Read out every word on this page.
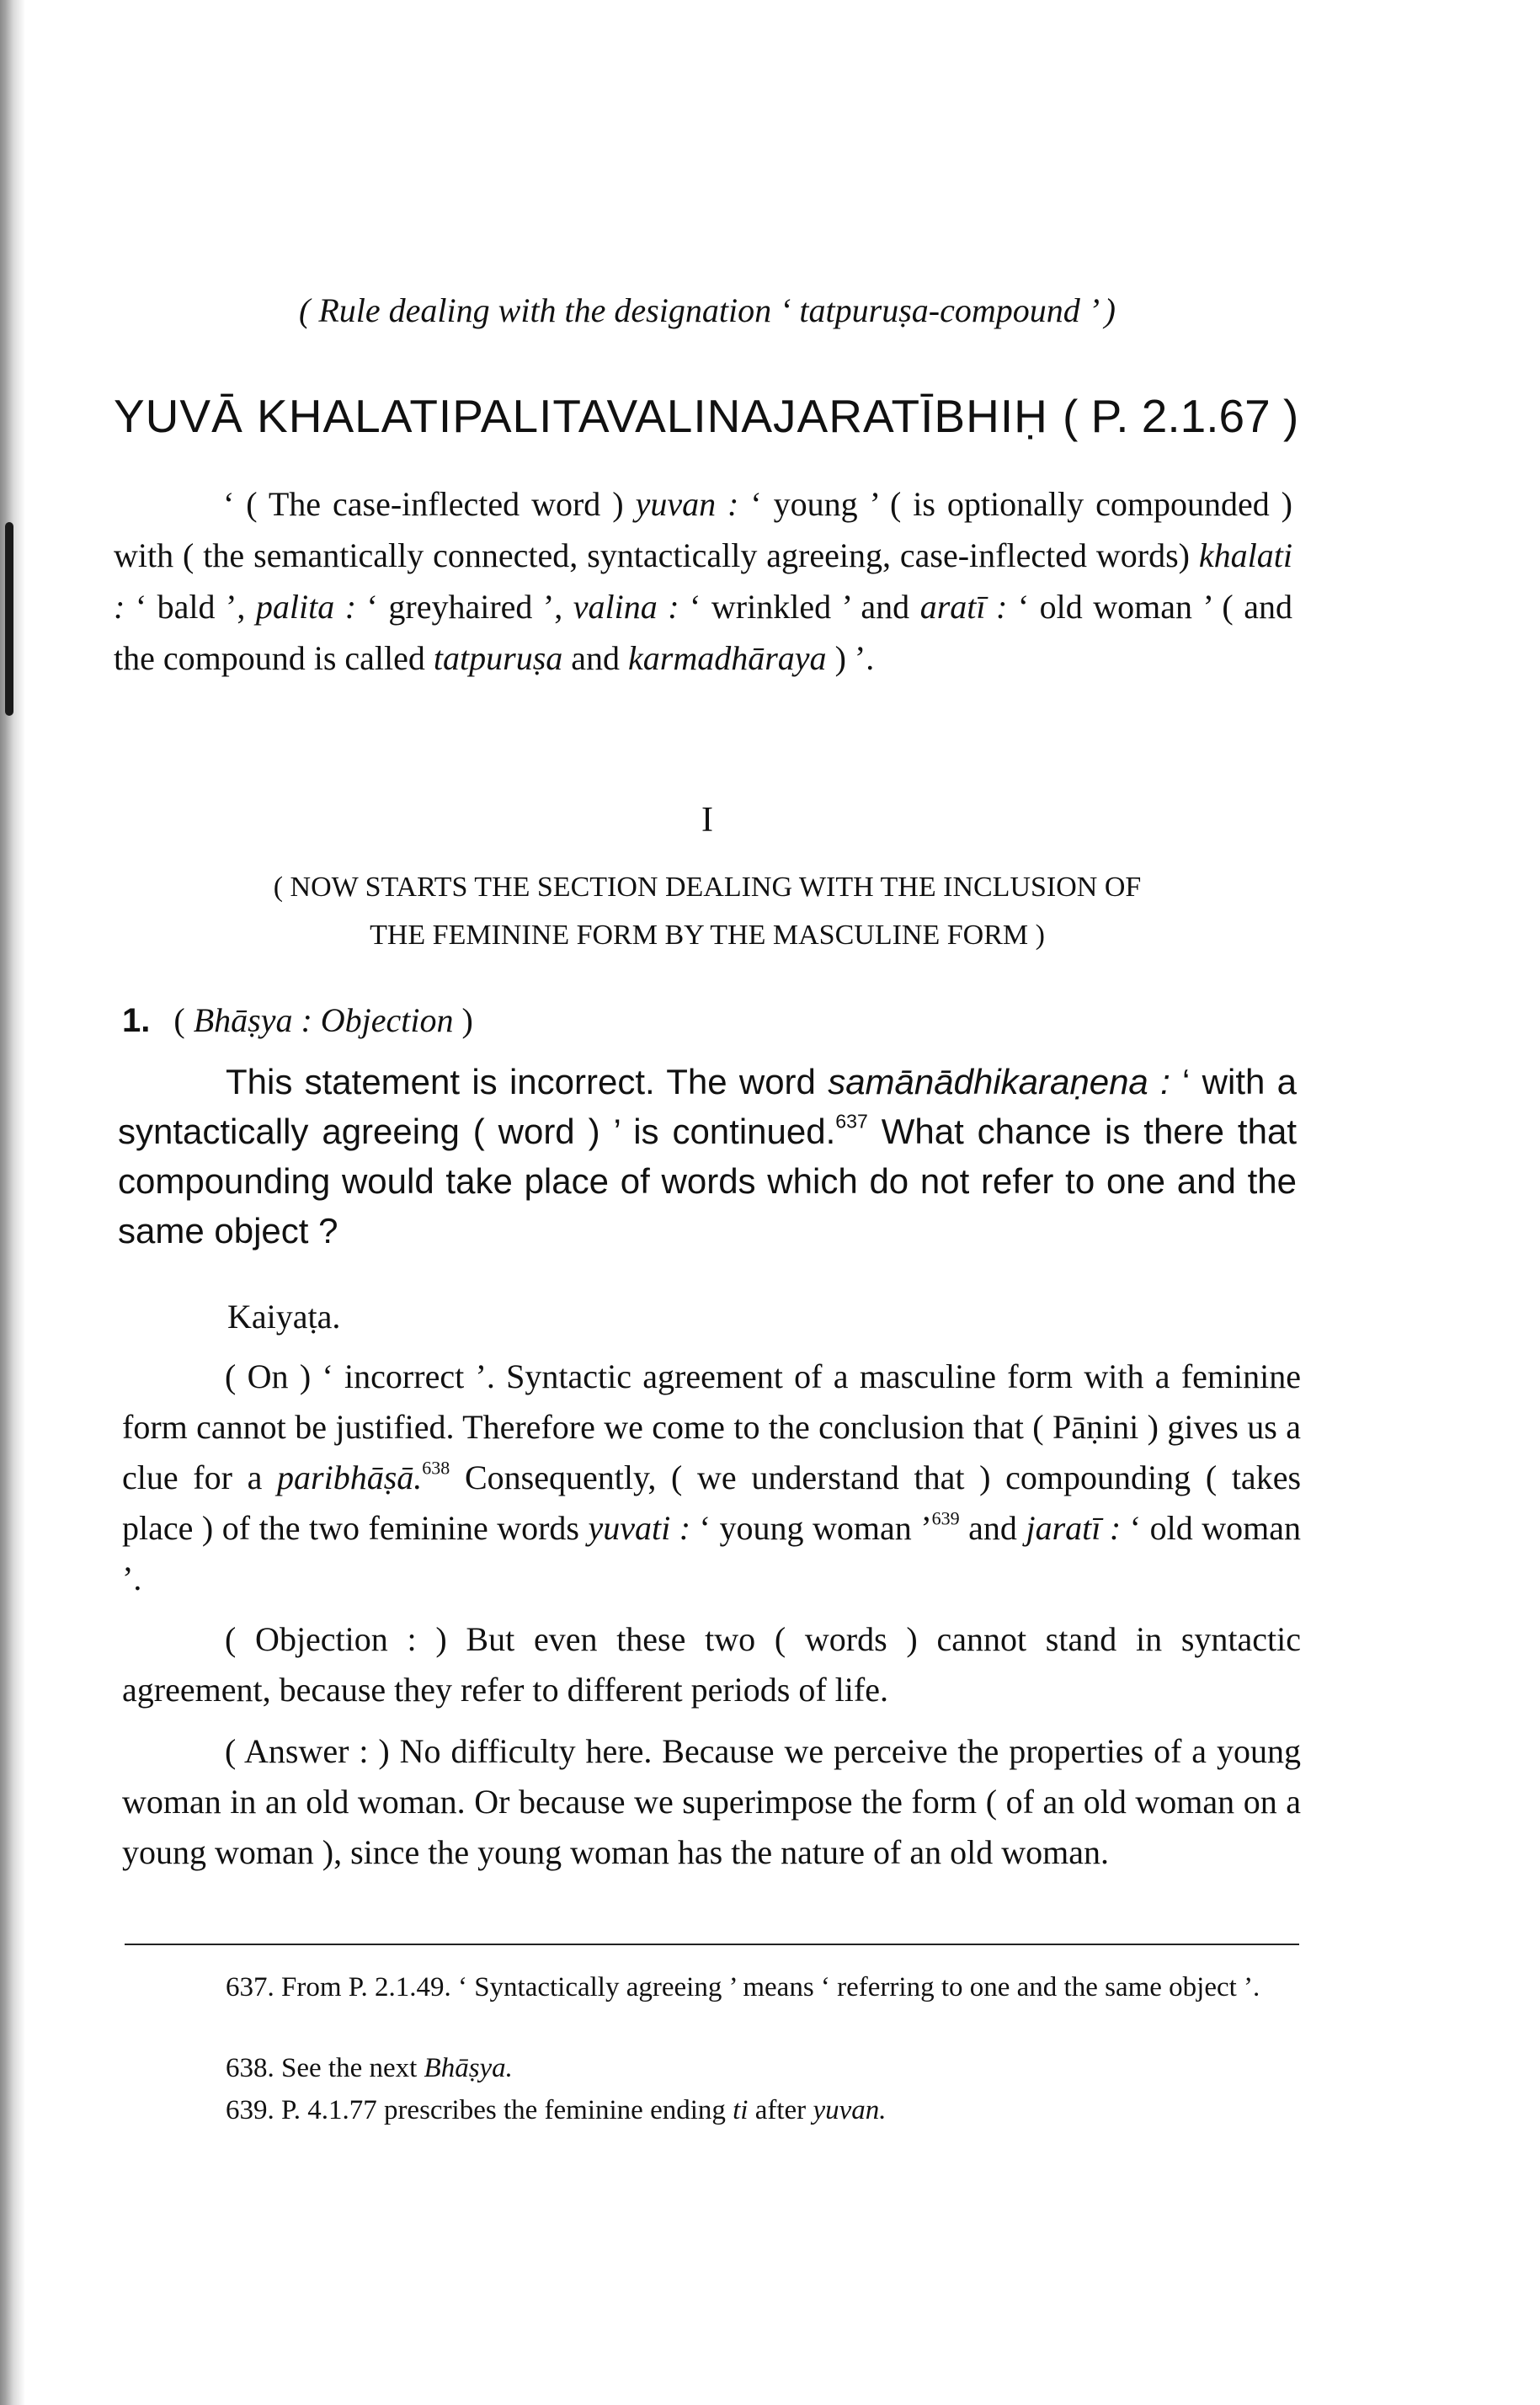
( Rule dealing with the designation ‘ tatpuruṣa-compound ’ )
YUVĀ KHALATIPALITAVALINAJARATĪBHIḤ ( P. 2.1.67 )
‘ ( The case-inflected word ) yuvan : ‘ young ’ ( is optionally compounded ) with ( the semantically connected, syntactically agreeing, case-inflected words) khalati : ‘ bald ’, palita : ‘ greyhaired ’, valina : ‘ wrinkled ’ and aratī : ‘ old woman ’ ( and the compound is called tatpuruṣa and karmadhāraya ) ’.
I
( NOW STARTS THE SECTION DEALING WITH THE INCLUSION OF
THE FEMININE FORM BY THE MASCULINE FORM )
1. ( Bhāṣya : Objection )
This statement is incorrect. The word samānādhikaraṇena : ‘ with a syntactically agreeing ( word ) ’ is continued.$^{637}$ What chance is there that compounding would take place of words which do not refer to one and the same object ?
Kaiyaṭa.
( On ) ‘ incorrect ’. Syntactic agreement of a masculine form with a feminine form cannot be justified. Therefore we come to the conclusion that ( Pāṇini ) gives us a clue for a paribhāṣā.$^{638}$ Consequently, ( we understand that ) compounding ( takes place ) of the two feminine words yuvati : ‘ young woman ’$^{639}$ and jaratī : ‘ old woman ’.
( Objection : ) But even these two ( words ) cannot stand in syntactic agreement, because they refer to different periods of life.
( Answer : ) No difficulty here. Because we perceive the properties of a young woman in an old woman. Or because we superimpose the form ( of an old woman on a young woman ), since the young woman has the nature of an old woman.
637. From P. 2.1.49. ‘ Syntactically agreeing ’ means ‘ referring to one and the same object ’.
638. See the next Bhāṣya.
639. P. 4.1.77 prescribes the feminine ending ti after yuvan.
